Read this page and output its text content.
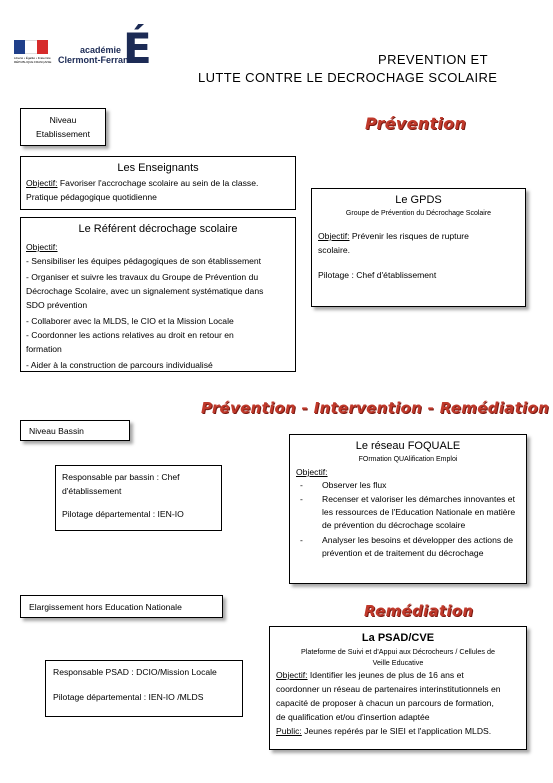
Liberté • Égalité • Fraternité
RÉPUBLIQUE FRANÇAISE
académie
Clermont-Ferrand
É	PREVENTION ET
LUTTE CONTRE LE DECROCHAGE SCOLAIRE
Prévention
Niveau
Etablissement
Les Enseignants
Objectif: Favoriser l'accrochage scolaire au sein de la classe.
Pratique pédagogique quotidienne
Le Référent décrochage scolaire
Objectif:
- Sensibiliser les équipes pédagogiques de son établissement
- Organiser et suivre les travaux du Groupe de Prévention du
Décrochage Scolaire, avec un signalement systématique dans
SDO prévention
- Collaborer avec la MLDS, le CIO et la Mission Locale
- Coordonner les actions relatives au droit en retour en
formation
- Aider à la construction de parcours individualisé
Le GPDS
Groupe de Prévention du Décrochage Scolaire
Objectif: Prévenir les risques de rupture
scolaire.
Pilotage : Chef d'établissement
Prévention - Intervention - Reméd‎iation
Niveau Bassin
Responsable par bassin : Chef
d'établissement
Pilotage départemental : IEN-IO
Le réseau FOQUALE
FOrmation QUAlification Emploi
Objectif:
- Observer les flux
- Recenser et valoriser les démarches innovantes et les ressources de l'Education Nationale en matière de prévention du décrochage scolaire
- Analyser les besoins et développer des actions de prévention et de traitement du décrochage
Elargissement hors Education Nationale	Reméd‎iation
Responsable PSAD : DCIO/Mission Locale
Pilotage départemental : IEN-IO /MLDS
La PSAD/CVE
Plateforme de Suivi et d'Appui aux Décrocheurs / Cellules de
Veille Educative
Objectif: Identifier les jeunes de plus de 16 ans et
coordonner un réseau de partenaires interinstitutionnels en
capacité de proposer à chacun un parcours de formation,
de qualification et/ou d'insertion adaptée
Public: Jeunes repérés par le SIEI et l'application MLDS.
